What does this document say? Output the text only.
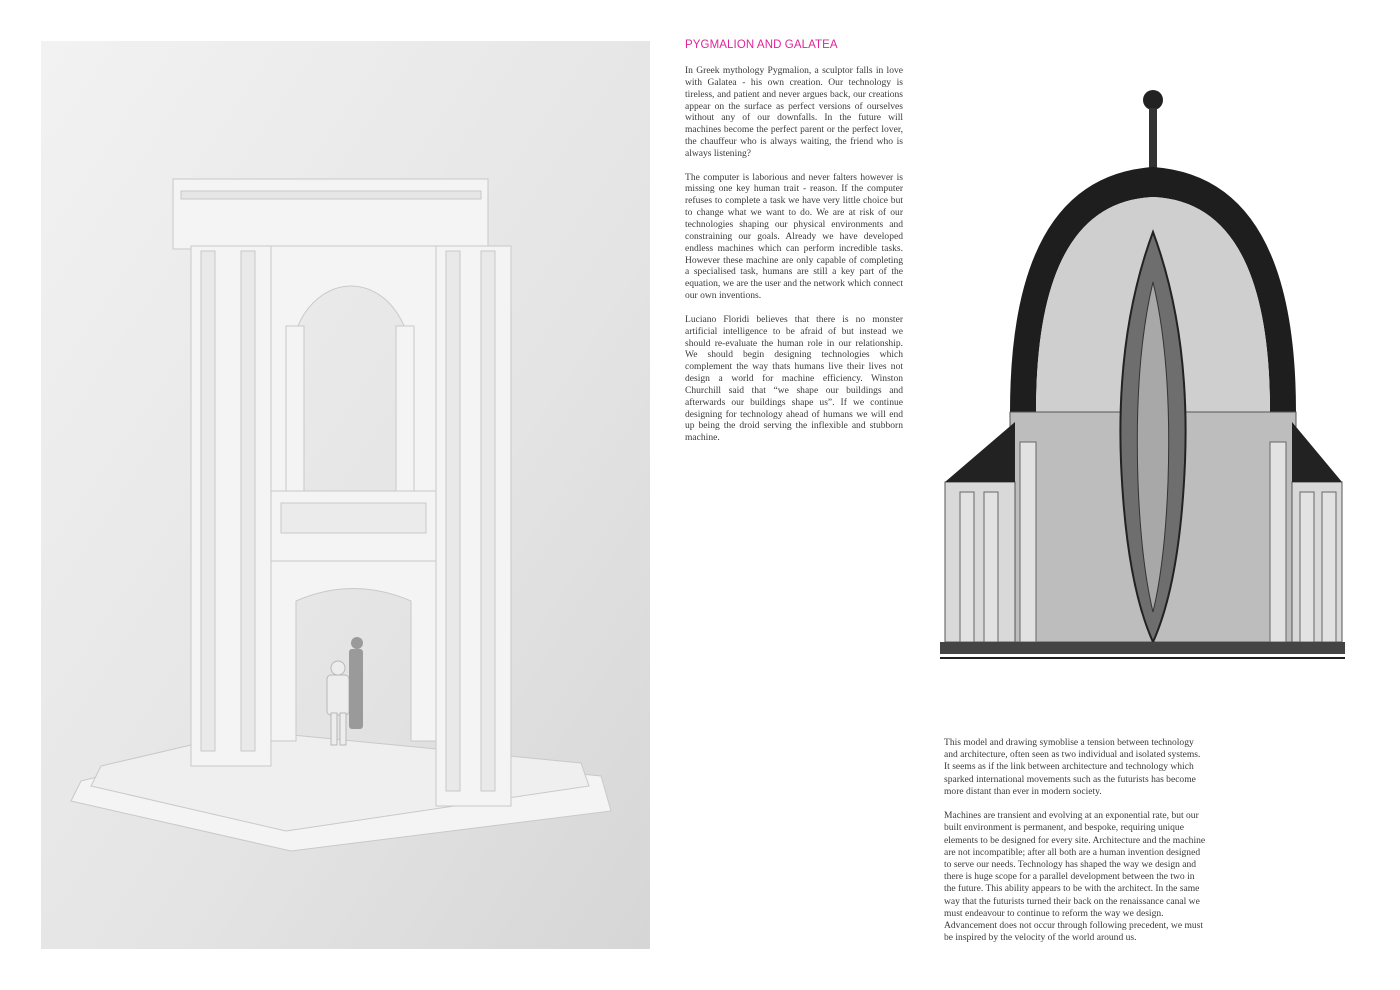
PYGMALION AND GALATEA

In Greek mythology Pygmalion, a sculptor falls in love with Galatea - his own creation. Our technology is tireless, and patient and never argues back, our creations appear on the surface as perfect versions of ourselves without any of our downfalls. In the future will machines become the perfect parent or the perfect lover, the chauffeur who is always waiting, the friend who is always listening?

The computer is laborious and never falters however is missing one key human trait - reason. If the computer refuses to complete a task we have very little choice but to change what we want to do. We are at risk of our technologies shaping our physical environments and constraining our goals. Already we have developed endless machines which can perform incredible tasks. However these machine are only capable of completing a specialised task, humans are still a key part of the equation, we are the user and the network which connect our own inventions.

Luciano Floridi believes that there is no monster artificial intelligence to be afraid of but instead we should re-evaluate the human role in our relationship. We should begin designing technologies which complement the way thats humans live their lives not design a world for machine efficiency. Winston Churchill said that “we shape our buildings and afterwards our buildings shape us”. If we continue designing for technology ahead of humans we will end up being the droid serving the inflexible and stubborn machine.

This model and drawing symoblise a tension between technology and architecture, often seen as two individual and isolated systems. It seems as if the link between architecture and technology which sparked international movements such as the futurists has become more distant than ever in modern society.

Machines are transient and evolving at an exponential rate, but our built environment is permanent, and bespoke, requiring unique elements to be designed for every site. Architecture and the machine are not incompatible; after all both are a human invention designed to serve our needs. Technology has shaped the way we design and there is huge scope for a parallel development between the two in the future. This ability appears to be with the architect. In the same way that the futurists turned their back on the renaissance canal we must endeavour to continue to reform the way we design. Advancement does not occur through following precedent, we must be inspired by the velocity of the world around us.
